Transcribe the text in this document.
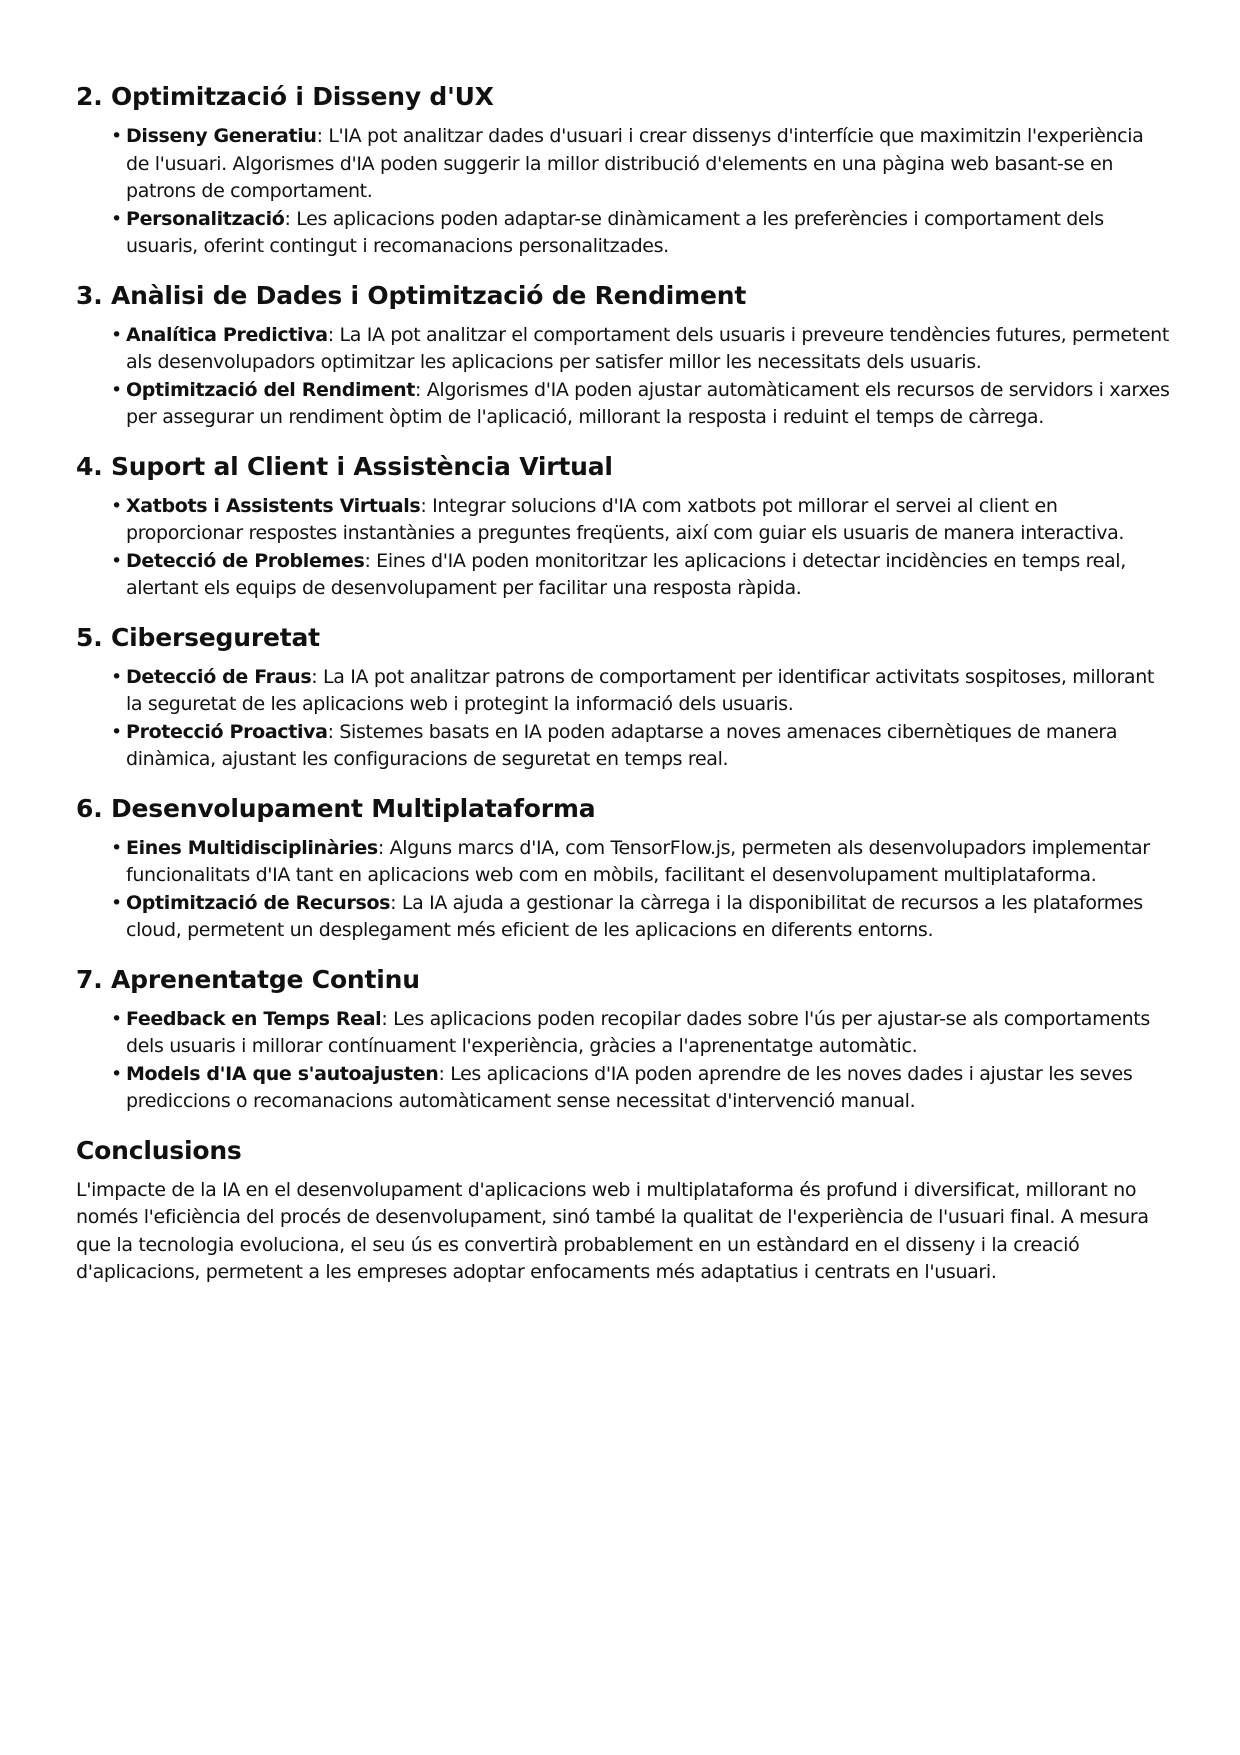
2. Optimització i Disseny d'UX
• Disseny Generatiu: L'IA pot analitzar dades d'usuari i crear dissenys d'interfície que maximitzin l'experiència de l'usuari. Algorismes d'IA poden suggerir la millor distribució d'elements en una pàgina web basant-se en patrons de comportament.
• Personalització: Les aplicacions poden adaptar-se dinàmicament a les preferències i comportament dels usuaris, oferint contingut i recomanacions personalitzades.
3. Anàlisi de Dades i Optimització de Rendiment
• Analítica Predictiva: La IA pot analitzar el comportament dels usuaris i preveure tendències futures, permetent als desenvolupadors optimitzar les aplicacions per satisfer millor les necessitats dels usuaris.
• Optimització del Rendiment: Algorismes d'IA poden ajustar automàticament els recursos de servidors i xarxes per assegurar un rendiment òptim de l'aplicació, millorant la resposta i reduint el temps de càrrega.
4. Suport al Client i Assistència Virtual
• Xatbots i Assistents Virtuals: Integrar solucions d'IA com xatbots pot millorar el servei al client en proporcionar respostes instantànies a preguntes freqüents, així com guiar els usuaris de manera interactiva.
• Detecció de Problemes: Eines d'IA poden monitoritzar les aplicacions i detectar incidències en temps real, alertant els equips de desenvolupament per facilitar una resposta ràpida.
5. Ciberseguretat
• Detecció de Fraus: La IA pot analitzar patrons de comportament per identificar activitats sospitoses, millorant la seguretat de les aplicacions web i protegint la informació dels usuaris.
• Protecció Proactiva: Sistemes basats en IA poden adaptarse a noves amenaces cibernètiques de manera dinàmica, ajustant les configuracions de seguretat en temps real.
6. Desenvolupament Multiplataforma
• Eines Multidisciplinàries: Alguns marcs d'IA, com TensorFlow.js, permeten als desenvolupadors implementar funcionalitats d'IA tant en aplicacions web com en mòbils, facilitant el desenvolupament multiplataforma.
• Optimització de Recursos: La IA ajuda a gestionar la càrrega i la disponibilitat de recursos a les plataformes cloud, permetent un desplegament més eficient de les aplicacions en diferents entorns.
7. Aprenentatge Continu
• Feedback en Temps Real: Les aplicacions poden recopilar dades sobre l'ús per ajustar-se als comportaments dels usuaris i millorar contínuament l'experiència, gràcies a l'aprenentatge automàtic.
• Models d'IA que s'autoajusten: Les aplicacions d'IA poden aprendre de les noves dades i ajustar les seves prediccions o recomanacions automàticament sense necessitat d'intervenció manual.
Conclusions

L'impacte de la IA en el desenvolupament d'aplicacions web i multiplataforma és profund i diversificat, millorant no només l'eficiència del procés de desenvolupament, sinó també la qualitat de l'experiència de l'usuari final. A mesura que la tecnologia evoluciona, el seu ús es convertirà probablement en un estàndard en el disseny i la creació d'aplicacions, permetent a les empreses adoptar enfocaments més adaptatius i centrats en l'usuari.
